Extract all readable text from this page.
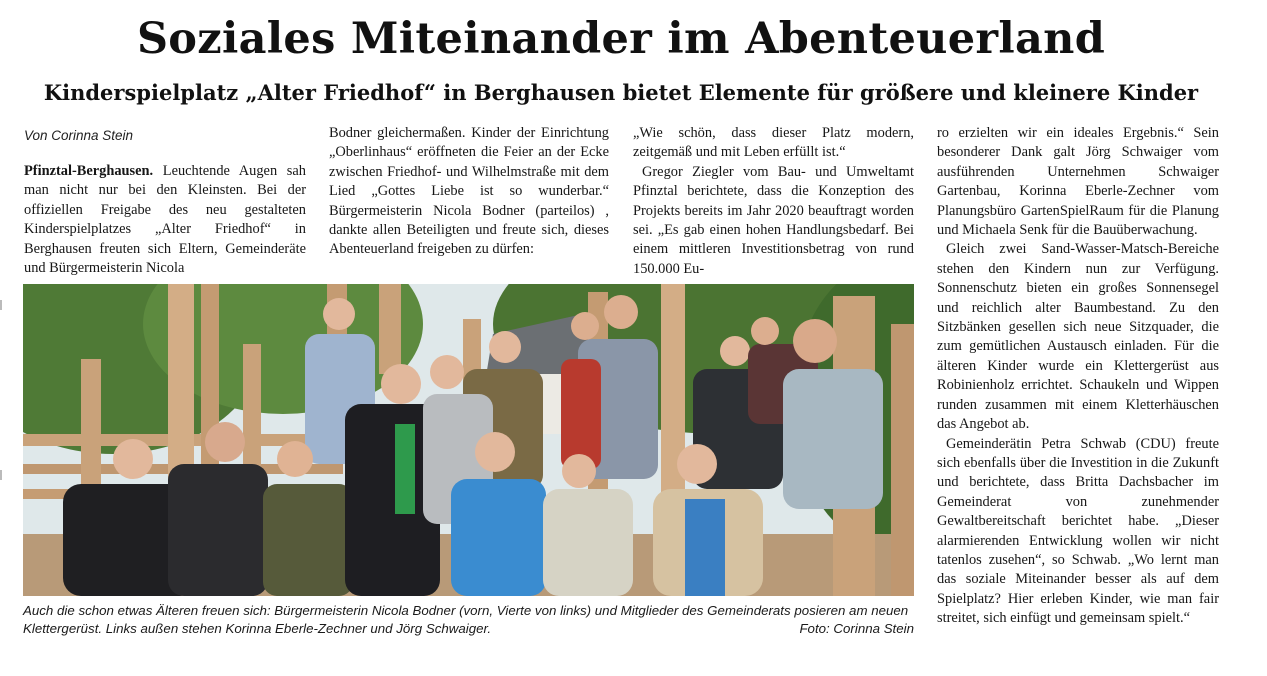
Soziales Miteinander im Abenteuerland
Kinderspielplatz „Alter Friedhof“ in Berghausen bietet Elemente für größere und kleinere Kinder
Von Corinna Stein

Pfinztal-Berghausen. Leuchtende Augen sah man nicht nur bei den Kleinsten. Bei der offiziellen Freigabe des neu gestalteten Kinderspielplatzes „Alter Friedhof“ in Berghausen freuten sich Eltern, Gemeinderäte und Bürgermeisterin Nicola

Bodner gleichermaßen. Kinder der Einrichtung „Oberlinhaus“ eröffneten die Feier an der Ecke zwischen Friedhof- und Wilhelmstraße mit dem Lied „Gottes Liebe ist so wunderbar.“ Bürgermeisterin Nicola Bodner (parteilos) , dankte allen Beteiligten und freute sich, dieses Abenteuerland freigeben zu dürfen:

„Wie schön, dass dieser Platz modern, zeitgemäß und mit Leben erfüllt ist.“

Gregor Ziegler vom Bau- und Umweltamt Pfinztal berichtete, dass die Konzeption des Projekts bereits im Jahr 2020 beauftragt worden sei. „Es gab einen hohen Handlungsbedarf. Bei einem mittleren Investitionsbetrag von rund 150.000 Eu-

ro erzielten wir ein ideales Ergebnis.“ Sein besonderer Dank galt Jörg Schwaiger vom ausführenden Unternehmen Schwaiger Gartenbau, Korinna Eberle-Zechner vom Planungsbüro GartenSpielRaum für die Planung und Michaela Senk für die Bauüberwachung.

Gleich zwei Sand-Wasser-Matsch-Bereiche stehen den Kindern nun zur Verfügung. Sonnenschutz bieten ein großes Sonnensegel und reichlich alter Baumbestand. Zu den Sitzbänken gesellen sich neue Sitzquader, die zum gemütlichen Austausch einladen. Für die älteren Kinder wurde ein Klettergerüst aus Robinienholz errichtet. Schaukeln und Wippen runden zusammen mit einem Kletterhäuschen das Angebot ab.

Gemeinderätin Petra Schwab (CDU) freute sich ebenfalls über die Investition in die Zukunft und berichtete, dass Britta Dachsbacher im Gemeinderat von zunehmender Gewaltbereitschaft berichtet habe. „Dieser alarmierenden Entwicklung wollen wir nicht tatenlos zusehen“, so Schwab. „Wo lernt man das soziale Miteinander besser als auf dem Spielplatz? Hier erleben Kinder, wie man fair streitet, sich einfügt und gemeinsam spielt.“

Auch die schon etwas Älteren freuen sich: Bürgermeisterin Nicola Bodner (vorn, Vierte von links) und Mitglieder des Gemeinderats posieren am neuen Klettergerüst. Links außen stehen Korinna Eberle-Zechner und Jörg Schwaiger.	Foto: Corinna Stein
